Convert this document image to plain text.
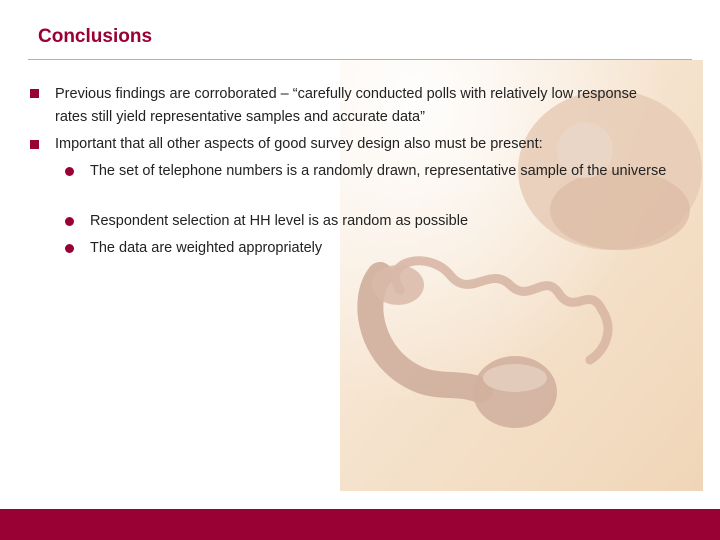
Conclusions
Previous findings are corroborated – “carefully conducted polls with relatively low response rates still yield representative samples and accurate data”
Important that all other aspects of good survey design also must be present:
The set of telephone numbers is a randomly drawn, representative sample of the universe
Respondent selection at HH level is as random as possible
The data are weighted appropriately
